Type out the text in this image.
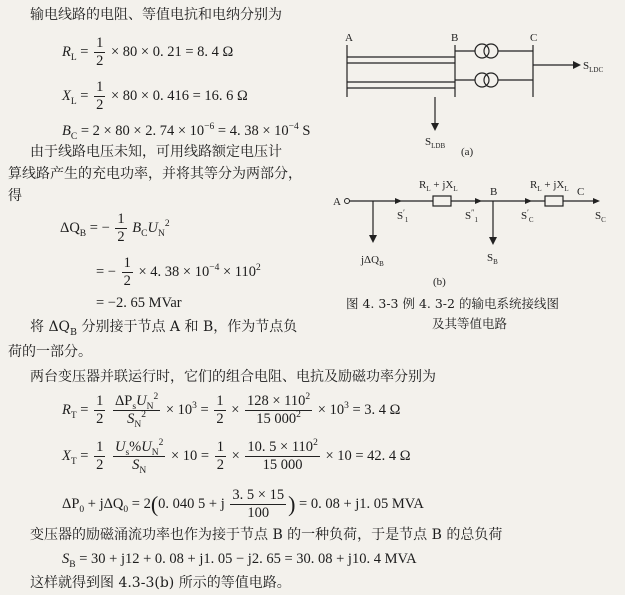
输电线路的电阻、等值电抗和电纳分别为
$R_L = \frac{1}{2} \times 80 \times 0$. 21 = 8. 4 Ω
$X_L = \frac{1}{2} \times 80 \times 0$. 416 = 16. 6 Ω
$B_C = 2 \times 80 \times 2$. $74 \times 10^{-6} = 4$. $38 \times 10^{-4}$ S
由于线路电压未知，可用线路额定电压计
算线路产生的充电功率，并将其等分为两部分，
得
$\Delta Q_B$ = − $\frac{1}{2} B_CU_N^2$
= − $\frac{1}{2} \times 4$. $38 \times 10^{-4} \times 110^2$
= −2. 65 MVar
将 $\Delta Q_B$ 分别接于节点 A 和 B，作为节点负
荷的一部分。
两台变压器并联运行时，它们的组合电阻、电抗及励磁功率分别为
$R_T = \frac{1}{2}$
$\frac{\Delta P_sU_N^2}{S_N^2} \times 10^3 = \frac{1}{2} \times \frac{128 \times 110^2}{15 000^2} \times 10^3 = 3$. 4 Ω
$X_T = \frac{1}{2}$
$\frac{U_s\%U_N^2}{S_N} \times 10 = \frac{1}{2} \times \frac{10. 5 \times 110^2}{15 000} \times 10 = 42$. 4 Ω
$\Delta P_0 + j\Delta Q_0 = 2(0$. 040 5 + j $\frac{3. 5 \times 15}{100}$ ) = 0. 08 + j1. 05 MVA
变压器的励磁涌流功率也作为接于节点 B 的一种负荷，于是节点 B 的总负荷
$S_B = 30 + j12 + 0$. 08 + j1. 05 − j2. 65 = 30. 08 + j10. 4 MVA
这样就得到图 4.3-3(b) 所示的等值电路。
A	B	C
$S_{LDC}$
$S_{LDB}$ (a)
A
B	C
$R_L + jX_L$	$R_L + jX_L$
$S'_1$	$S''_1$	$S'_C$	$S_C$
jΔQ$_B$	$S_B$
(b)
图 4. 3-3 例 4. 3-2 的输电系统接线图
及其等值电路
